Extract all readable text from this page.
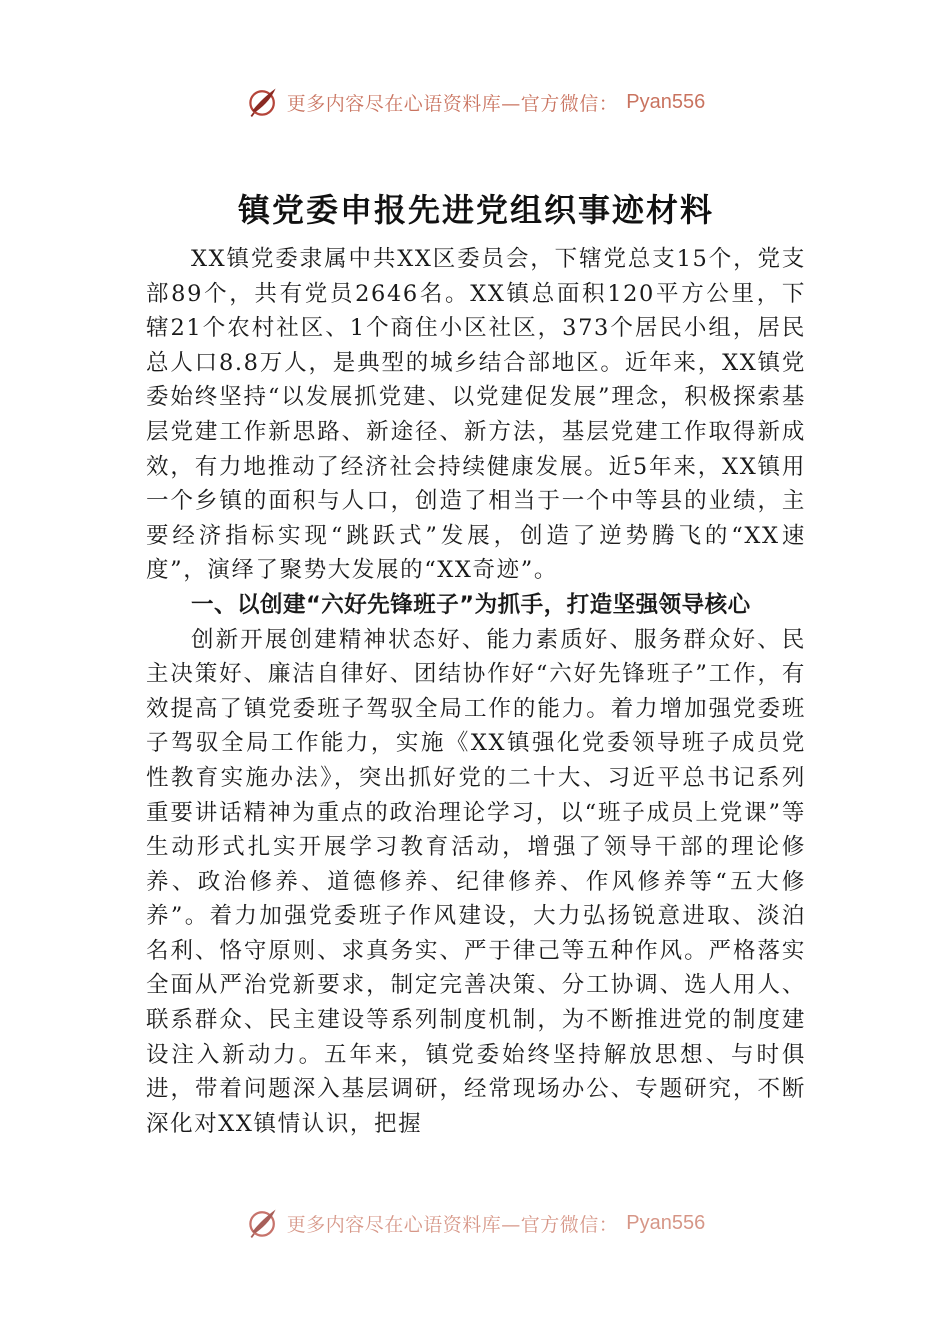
更多内容尽在心语资料库—官方微信： Pyan556
镇党委申报先进党组织事迹材料

XX镇党委隶属中共XX区委员会，下辖党总支15个，党支部89个，共有党员2646名。XX镇总面积120平方公里，下辖21个农村社区、1个商住小区社区，373个居民小组，居民总人口8.8万人，是典型的城乡结合部地区。近年来，XX镇党委始终坚持“以发展抓党建、以党建促发展”理念，积极探索基层党建工作新思路、新途径、新方法，基层党建工作取得新成效，有力地推动了经济社会持续健康发展。近5年来，XX镇用一个乡镇的面积与人口，创造了相当于一个中等县的业绩，主要经济指标实现“跳跃式”发展，创造了逆势腾飞的“XX速度”，演绎了聚势大发展的“XX奇迹”。

一、以创建“六好先锋班子”为抓手，打造坚强领导核心

创新开展创建精神状态好、能力素质好、服务群众好、民主决策好、廉洁自律好、团结协作好“六好先锋班子”工作，有效提高了镇党委班子驾驭全局工作的能力。着力增加强党委班子驾驭全局工作能力，实施《XX镇强化党委领导班子成员党性教育实施办法》，突出抓好党的二十大、习近平总书记系列重要讲话精神为重点的政治理论学习，以“班子成员上党课”等生动形式扎实开展学习教育活动，增强了领导干部的理论修养、政治修养、道德修养、纪律修养、作风修养等“五大修养”。着力加强党委班子作风建设，大力弘扬锐意进取、淡泊名利、恪守原则、求真务实、严于律己等五种作风。严格落实全面从严治党新要求，制定完善决策、分工协调、选人用人、联系群众、民主建设等系列制度机制，为不断推进党的制度建设注入新动力。五年来，镇党委始终坚持解放思想、与时俱进，带着问题深入基层调研，经常现场办公、专题研究，不断深化对XX镇情认识，把握

更多内容尽在心语资料库—官方微信： Pyan556
